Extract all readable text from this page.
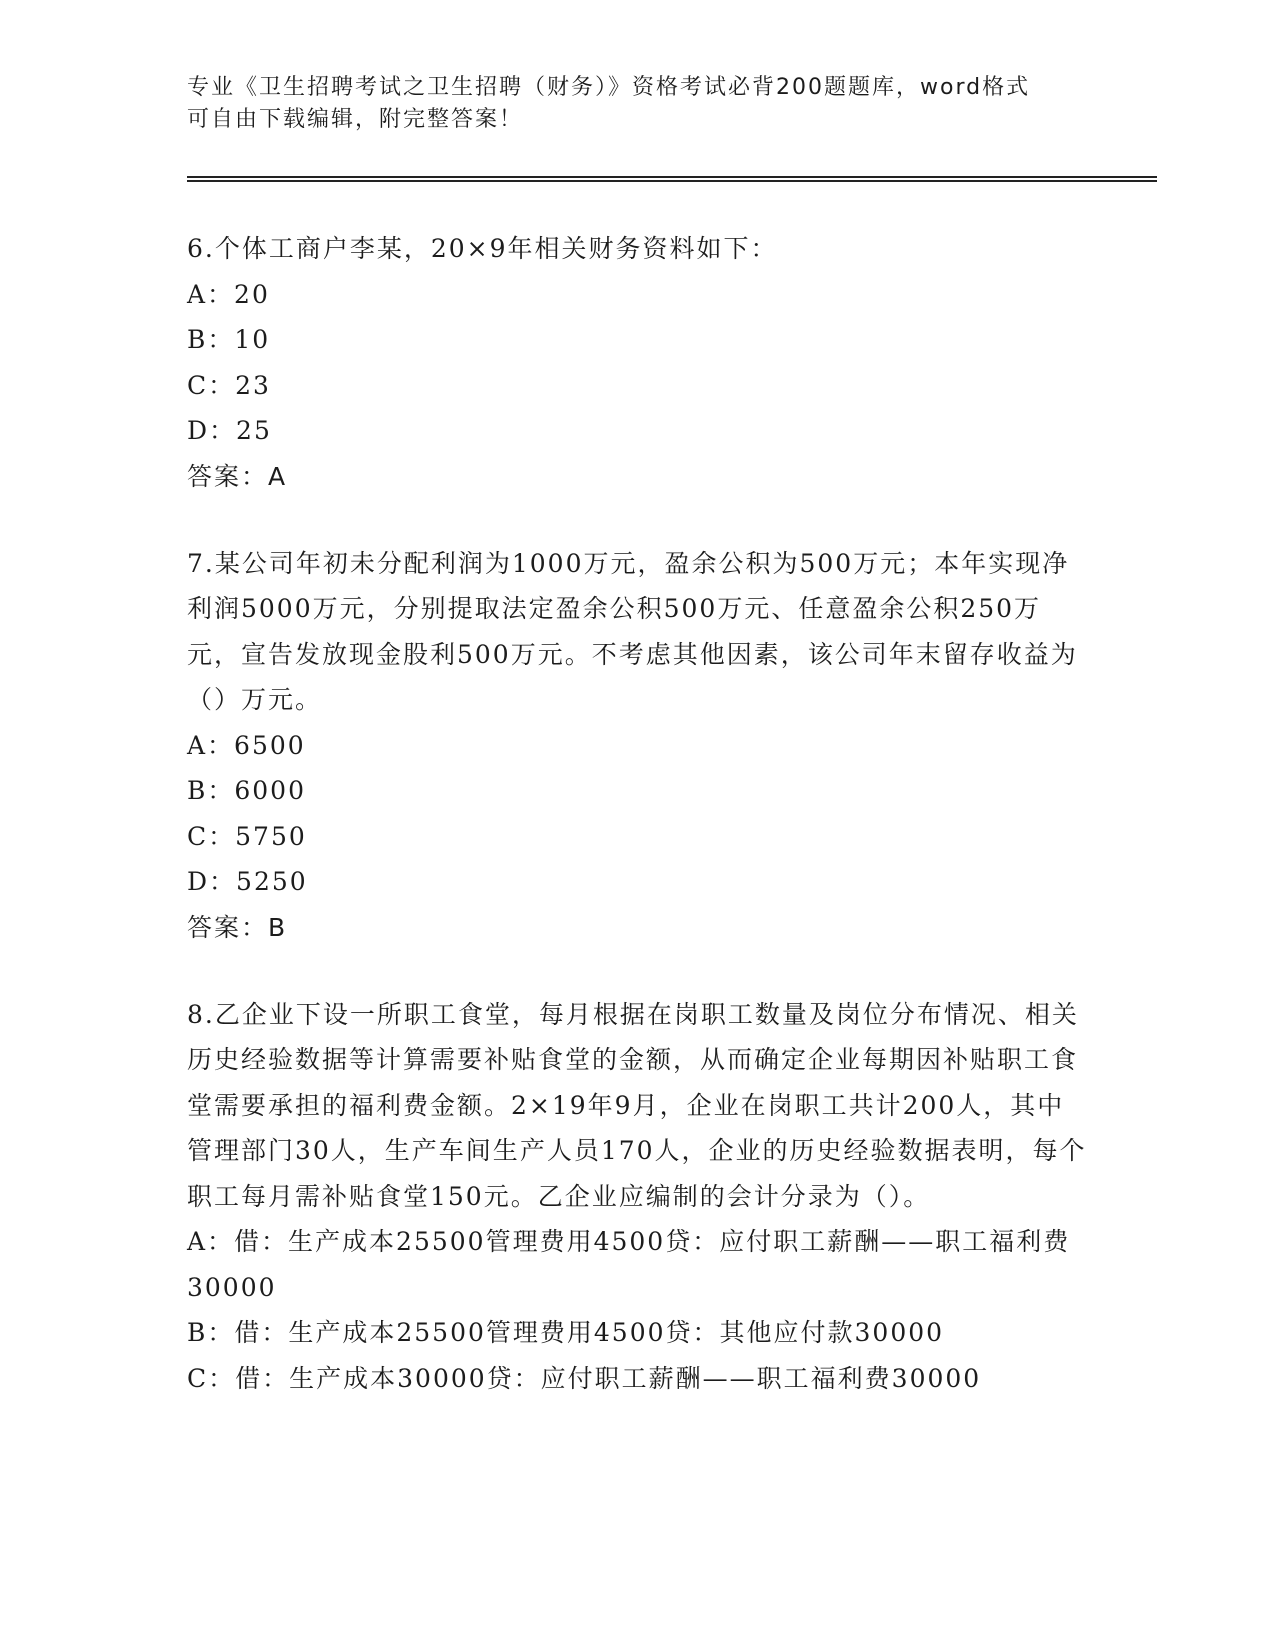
专业《卫生招聘考试之卫生招聘（财务）》资格考试必背200题题库，word格式
可自由下载编辑，附完整答案！

6.个体工商户李某，20×9年相关财务资料如下：

A：20

B：10

C：23

D：25

答案：A

7.某公司年初未分配利润为1000万元，盈余公积为500万元；本年实现净利润5000万元，分别提取法定盈余公积500万元、任意盈余公积250万元，宣告发放现金股利500万元。不考虑其他因素，该公司年末留存收益为（）万元。

A：6500

B：6000

C：5750

D：5250

答案：B

8.乙企业下设一所职工食堂，每月根据在岗职工数量及岗位分布情况、相关历史经验数据等计算需要补贴食堂的金额，从而确定企业每期因补贴职工食堂需要承担的福利费金额。2×19年9月，企业在岗职工共计200人，其中管理部门30人，生产车间生产人员170人，企业的历史经验数据表明，每个职工每月需补贴食堂150元。乙企业应编制的会计分录为（）。

A：借：生产成本25500管理费用4500贷：应付职工薪酬——职工福利费30000

B：借：生产成本25500管理费用4500贷：其他应付款30000

C：借：生产成本30000贷：应付职工薪酬——职工福利费30000
